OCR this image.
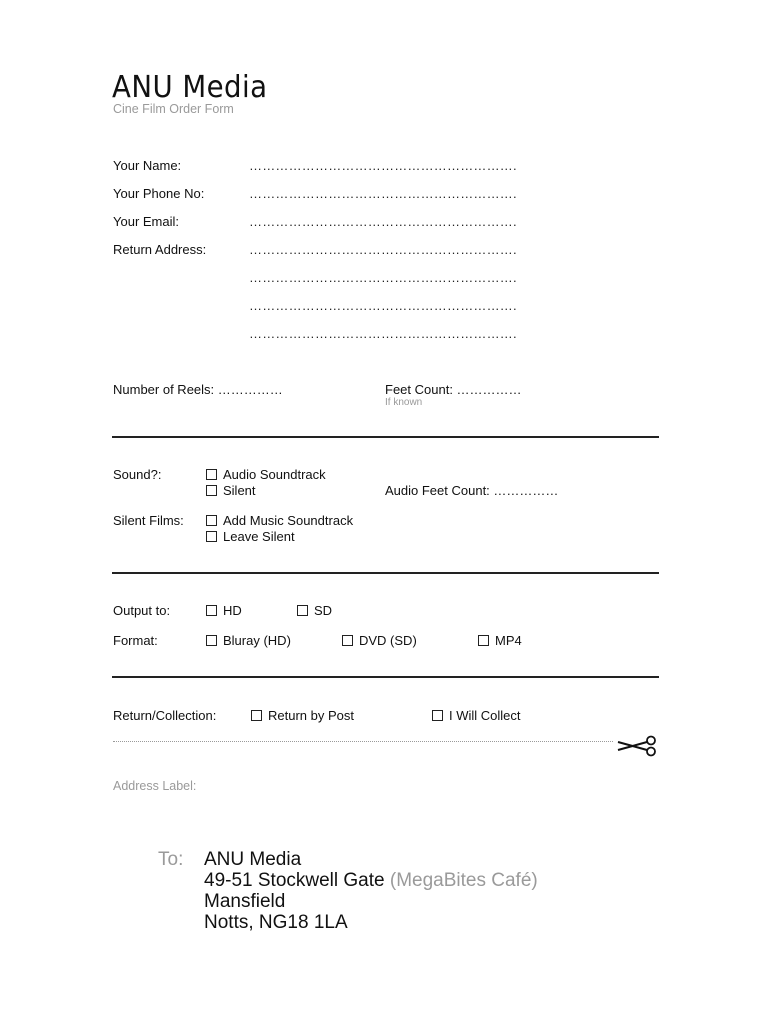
ANU Media
Cine Film Order Form
Your Name:	…………………………………………………….
Your Phone No:	…………………………………………………….
Your Email:	…………………………………………………….
Return Address:	…………………………………………………….
…………………………………………………….
…………………………………………………….
…………………………………………………….
Number of Reels: ……………	Feet Count: ……………
If known
Sound?:	Audio Soundtrack
Silent	Audio Feet Count: ……………
Silent Films:	Add Music Soundtrack
Leave Silent
Output to:	HD	SD
Format:	Bluray (HD)	DVD (SD)	MP4
Return/Collection:	Return by Post	I Will Collect
Address Label:
To: ANU Media
49-51 Stockwell Gate (MegaBites Café)
Mansfield
Notts, NG18 1LA
